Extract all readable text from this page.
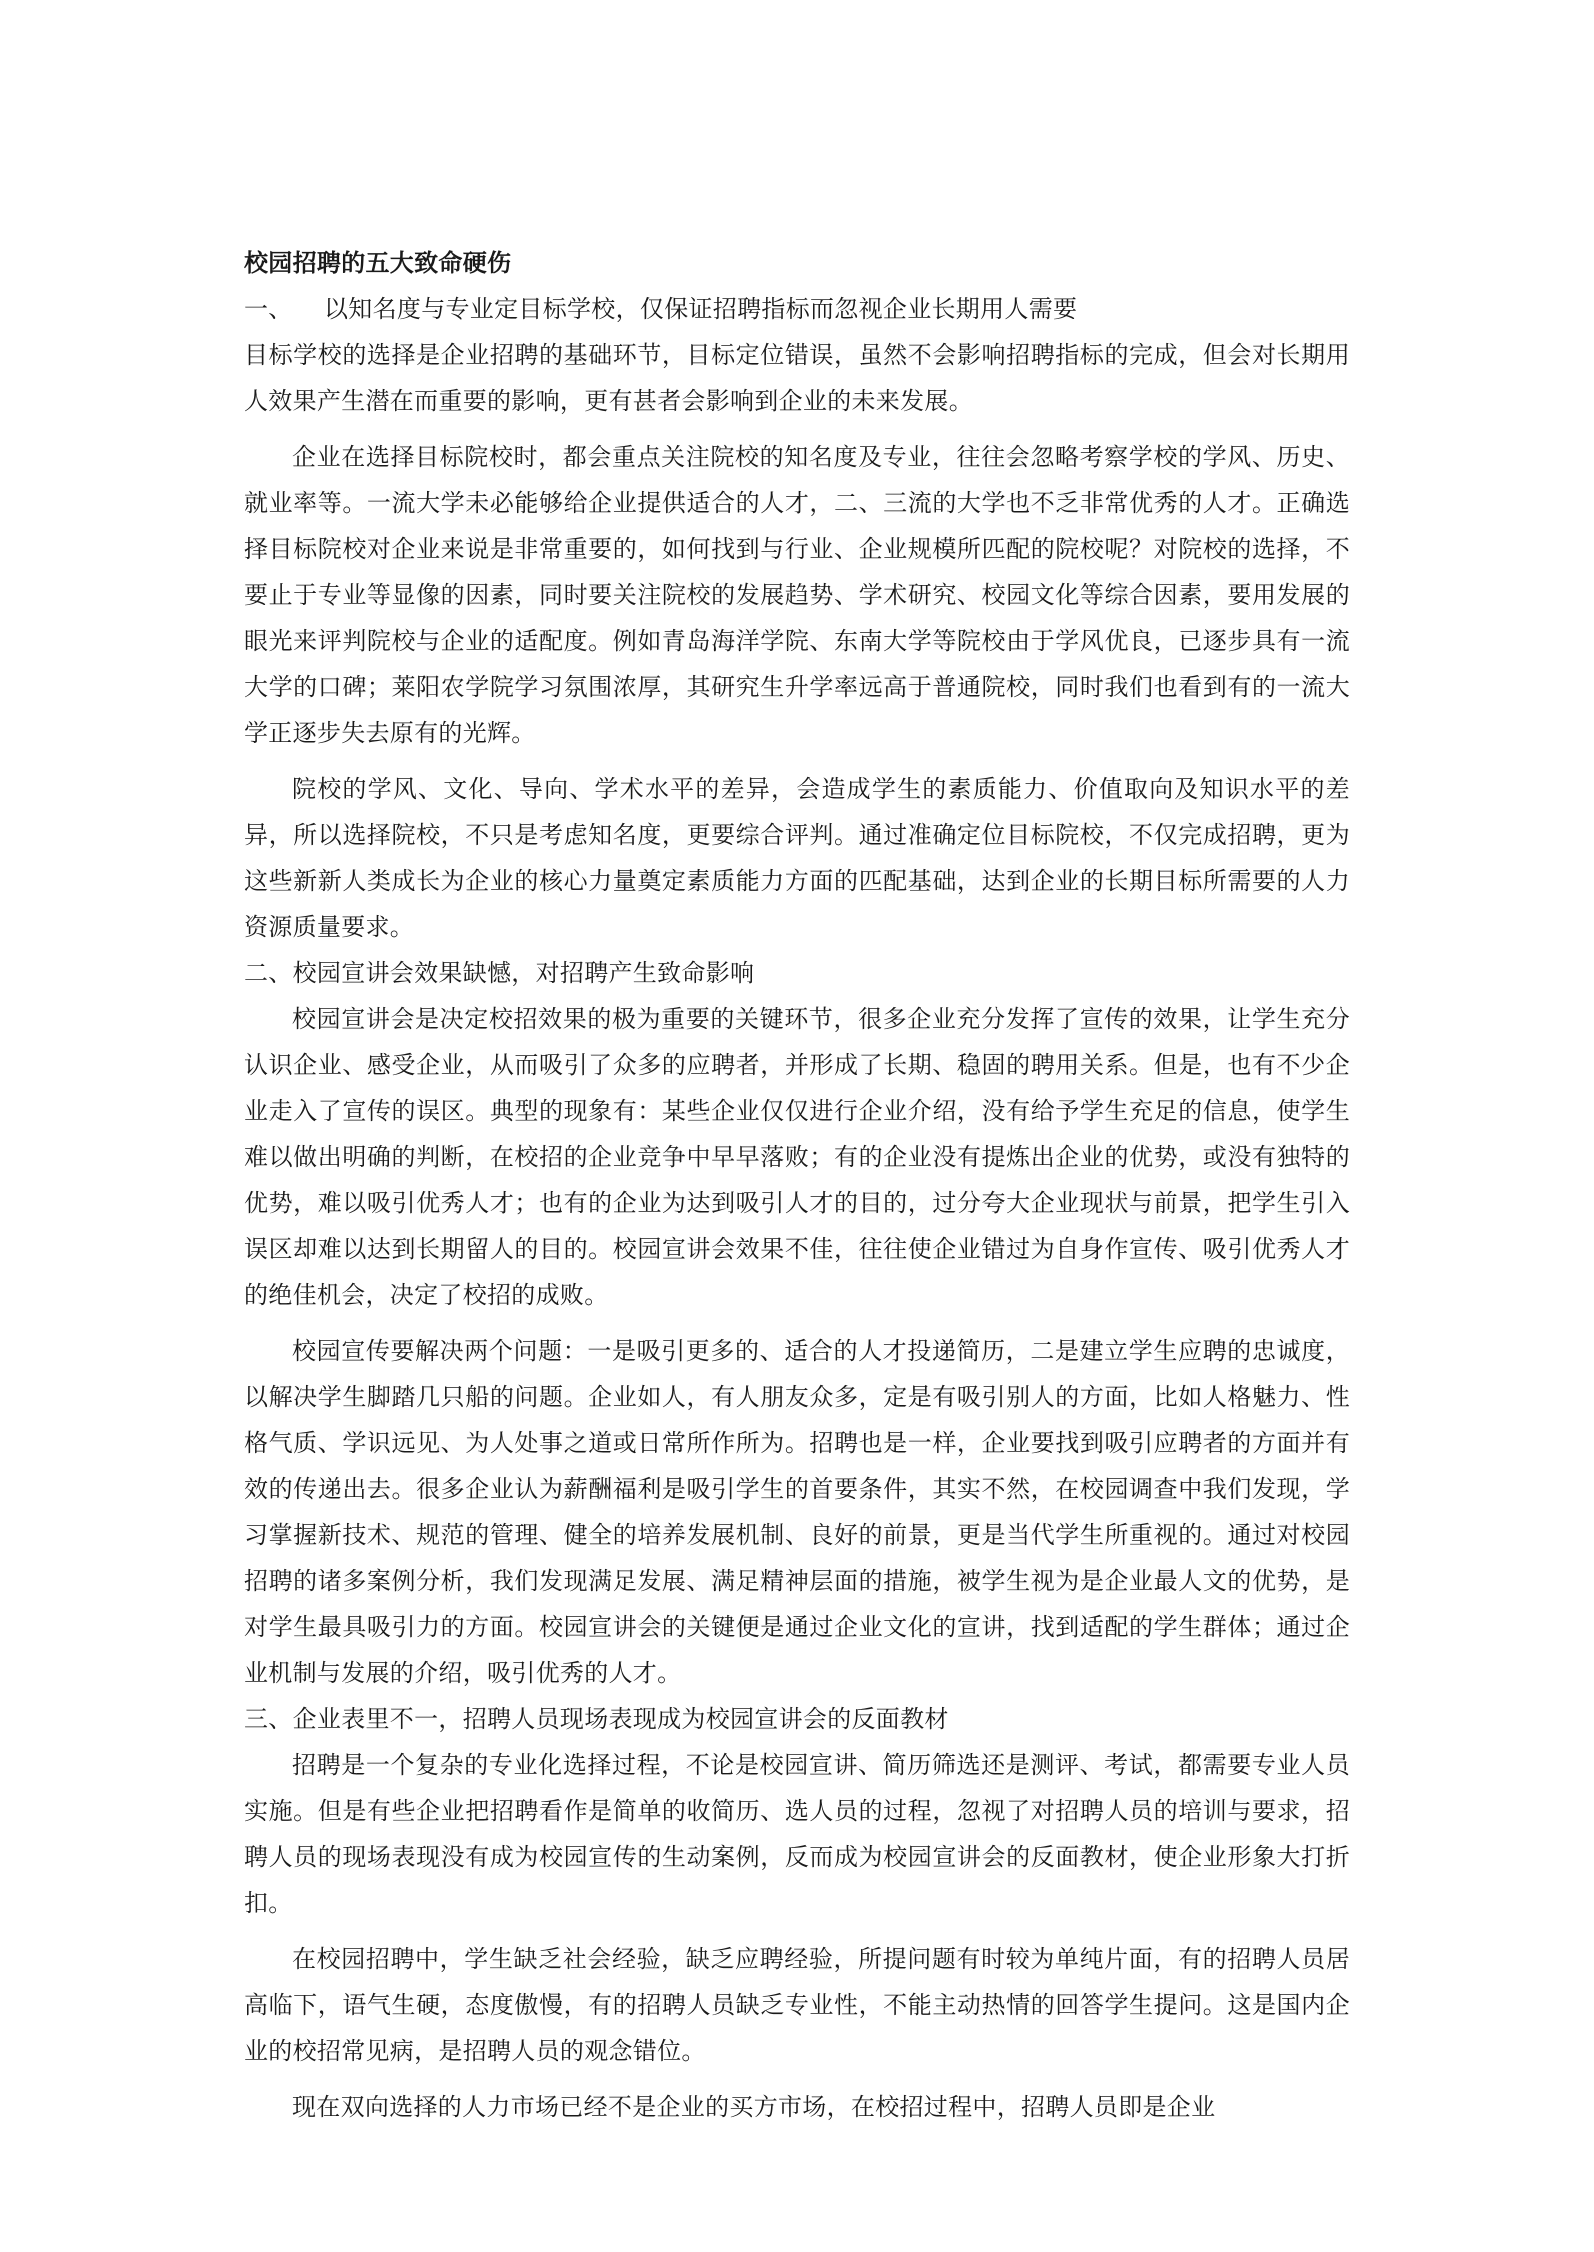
校园招聘的五大致命硬伤

一、 以知名度与专业定目标学校，仅保证招聘指标而忽视企业长期用人需要

目标学校的选择是企业招聘的基础环节，目标定位错误，虽然不会影响招聘指标的完成，但会对长期用人效果产生潜在而重要的影响，更有甚者会影响到企业的未来发展。

企业在选择目标院校时，都会重点关注院校的知名度及专业，往往会忽略考察学校的学风、历史、就业率等。一流大学未必能够给企业提供适合的人才，二、三流的大学也不乏非常优秀的人才。正确选择目标院校对企业来说是非常重要的，如何找到与行业、企业规模所匹配的院校呢？对院校的选择，不要止于专业等显像的因素，同时要关注院校的发展趋势、学术研究、校园文化等综合因素，要用发展的眼光来评判院校与企业的适配度。例如青岛海洋学院、东南大学等院校由于学风优良，已逐步具有一流大学的口碑；莱阳农学院学习氛围浓厚，其研究生升学率远高于普通院校，同时我们也看到有的一流大学正逐步失去原有的光辉。

院校的学风、文化、导向、学术水平的差异，会造成学生的素质能力、价值取向及知识水平的差异，所以选择院校，不只是考虑知名度，更要综合评判。通过准确定位目标院校，不仅完成招聘，更为这些新新人类成长为企业的核心力量奠定素质能力方面的匹配基础，达到企业的长期目标所需要的人力资源质量要求。

二、校园宣讲会效果缺憾，对招聘产生致命影响

校园宣讲会是决定校招效果的极为重要的关键环节，很多企业充分发挥了宣传的效果，让学生充分认识企业、感受企业，从而吸引了众多的应聘者，并形成了长期、稳固的聘用关系。但是，也有不少企业走入了宣传的误区。典型的现象有：某些企业仅仅进行企业介绍，没有给予学生充足的信息，使学生难以做出明确的判断，在校招的企业竞争中早早落败；有的企业没有提炼出企业的优势，或没有独特的优势，难以吸引优秀人才；也有的企业为达到吸引人才的目的，过分夸大企业现状与前景，把学生引入误区却难以达到长期留人的目的。校园宣讲会效果不佳，往往使企业错过为自身作宣传、吸引优秀人才的绝佳机会，决定了校招的成败。

校园宣传要解决两个问题：一是吸引更多的、适合的人才投递简历，二是建立学生应聘的忠诚度，以解决学生脚踏几只船的问题。企业如人，有人朋友众多，定是有吸引别人的方面，比如人格魅力、性格气质、学识远见、为人处事之道或日常所作所为。招聘也是一样，企业要找到吸引应聘者的方面并有效的传递出去。很多企业认为薪酬福利是吸引学生的首要条件，其实不然，在校园调查中我们发现，学习掌握新技术、规范的管理、健全的培养发展机制、良好的前景，更是当代学生所重视的。通过对校园招聘的诸多案例分析，我们发现满足发展、满足精神层面的措施，被学生视为是企业最人文的优势，是对学生最具吸引力的方面。校园宣讲会的关键便是通过企业文化的宣讲，找到适配的学生群体；通过企业机制与发展的介绍，吸引优秀的人才。

三、企业表里不一，招聘人员现场表现成为校园宣讲会的反面教材

招聘是一个复杂的专业化选择过程，不论是校园宣讲、简历筛选还是测评、考试，都需要专业人员实施。但是有些企业把招聘看作是简单的收简历、选人员的过程，忽视了对招聘人员的培训与要求，招聘人员的现场表现没有成为校园宣传的生动案例，反而成为校园宣讲会的反面教材，使企业形象大打折扣。

在校园招聘中，学生缺乏社会经验，缺乏应聘经验，所提问题有时较为单纯片面，有的招聘人员居高临下，语气生硬，态度傲慢，有的招聘人员缺乏专业性，不能主动热情的回答学生提问。这是国内企业的校招常见病，是招聘人员的观念错位。

现在双向选择的人力市场已经不是企业的买方市场，在校招过程中，招聘人员即是企业
